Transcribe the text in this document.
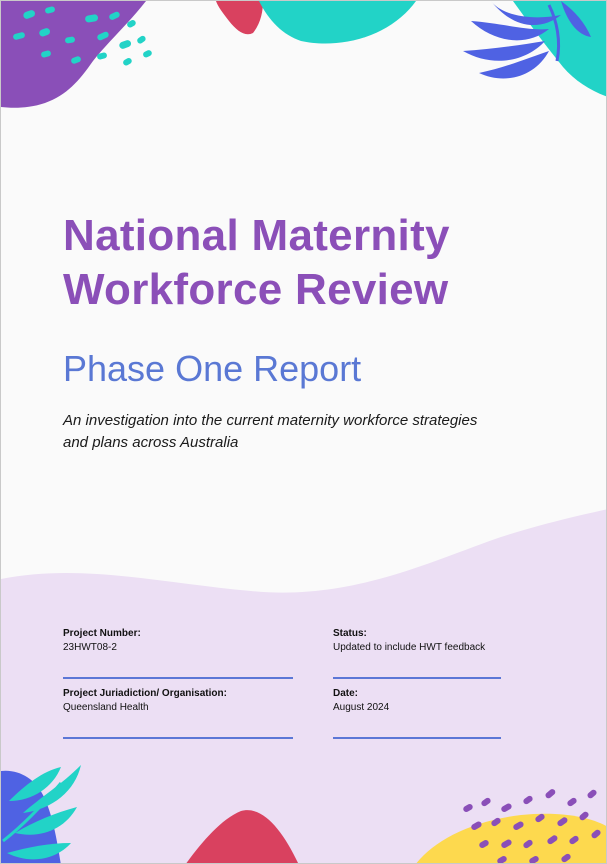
National Maternity
Workforce Review
Phase One Report

An investigation into the current maternity workforce strategies and plans across Australia

Project Number:
23HWT08-2
Status:
Updated to include HWT feedback
Project Juriadiction/ Organisation:
Queensland Health
Date:
August 2024
